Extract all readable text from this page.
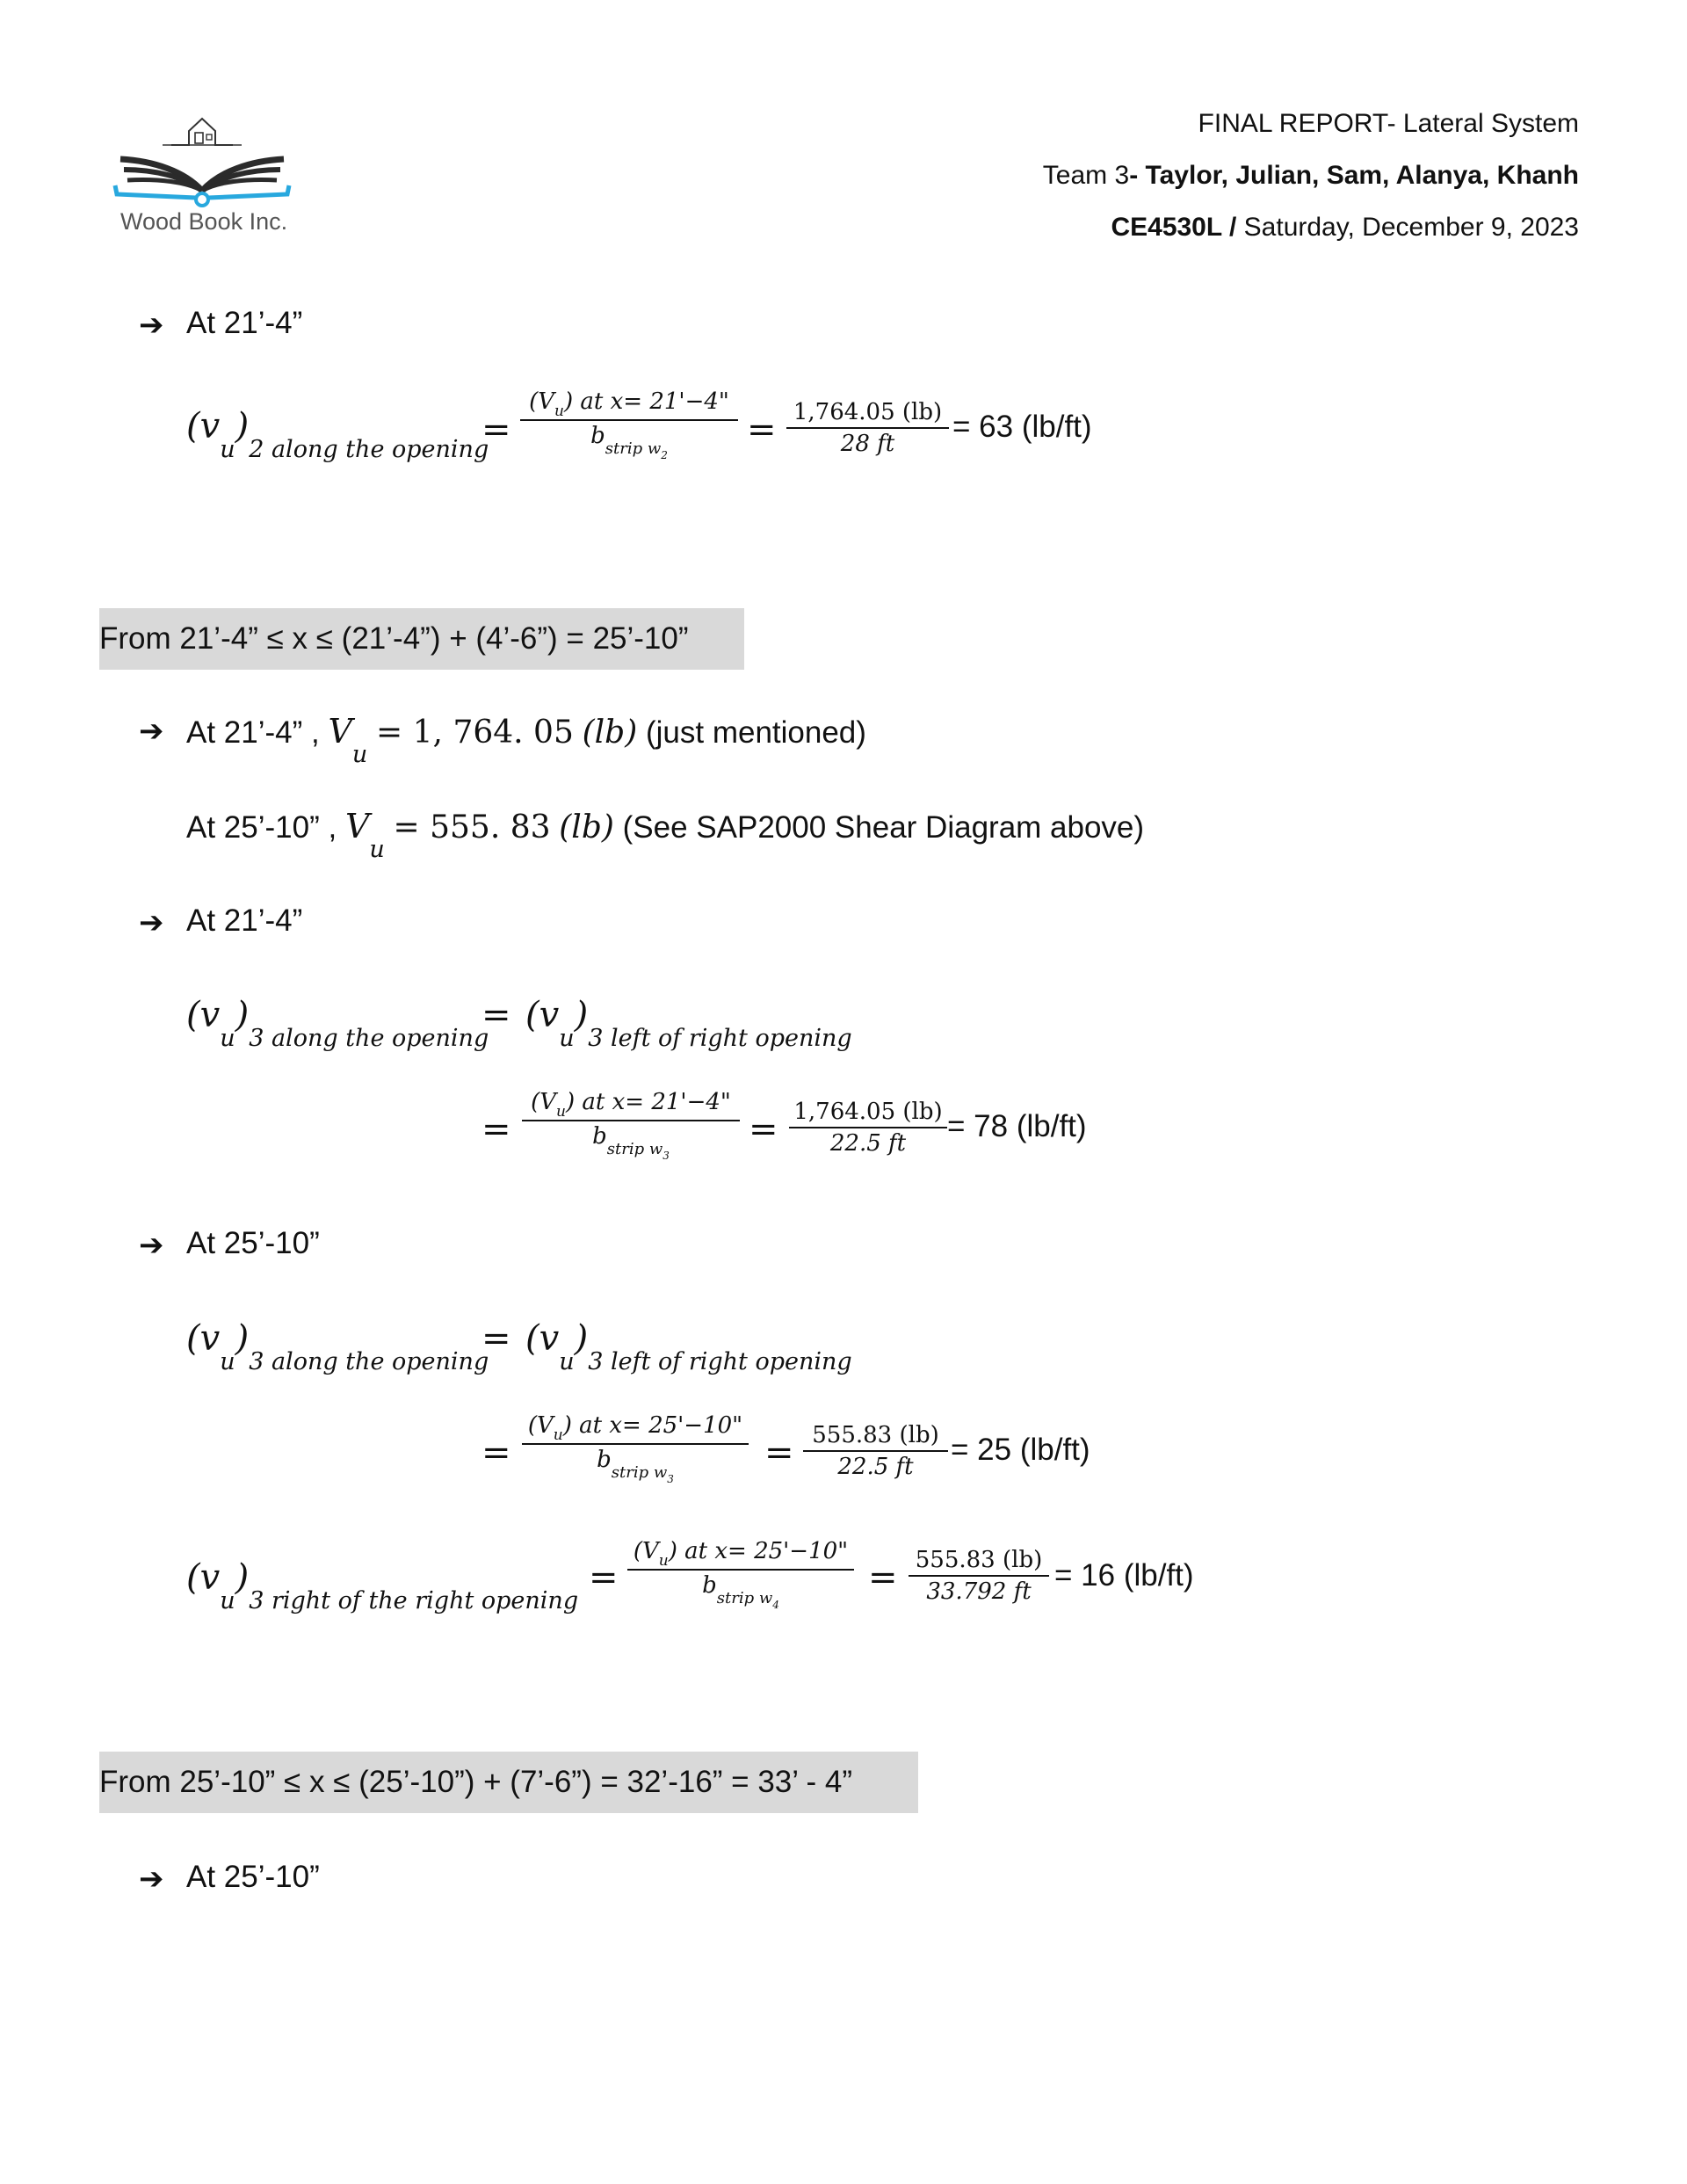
Wood Book Inc.
FINAL REPORT- Lateral System
Team 3- Taylor, Julian, Sam, Alanya, Khanh
CE4530L / Saturday, December 9, 2023
➔ At 21’-4”
$(v_u)_{2 along the opening}$
=
$(V_u)$ at x= 21'−4"
$b_{strip w2}$
= 1,764.05 (lb)
28 ft = 63 (lb/ft)
From 21’-4” ≤ x ≤ (21’-4”) + (4’-6”) = 25’-10”
➔ At 21’-4” , $V_u = 1$, 764. 05 (lb) (just mentioned)
At 25’-10” , $V_u = 555$. 83 (lb) (See SAP2000 Shear Diagram above)
➔ At 21’-4”
$(v_u)_{3 along the opening}$
= $(v_u)_{3 left of right opening}$
=
$(V_u)$ at x= 21'−4"
$b_{strip w3}$
= 1,764.05 (lb)
22.5 ft = 78 (lb/ft)
➔ At 25’-10”
$(v_u)_{3 along the opening}$
= $(v_u)_{3 left of right opening}$
=
$(V_u)$ at x= 25'−10"
$b_{strip w3}$
= 555.83 (lb)
22.5 ft = 25 (lb/ft)
$(v_u)_{3 right of the right opening}$
=
$(V_u)$ at x= 25'−10"
$b_{strip w4}$
= 555.83 (lb)
33.792 ft = 16 (lb/ft)
From 25’-10” ≤ x ≤ (25’-10”) + (7’-6”) = 32’-16” = 33’ - 4”
➔ At 25’-10”
